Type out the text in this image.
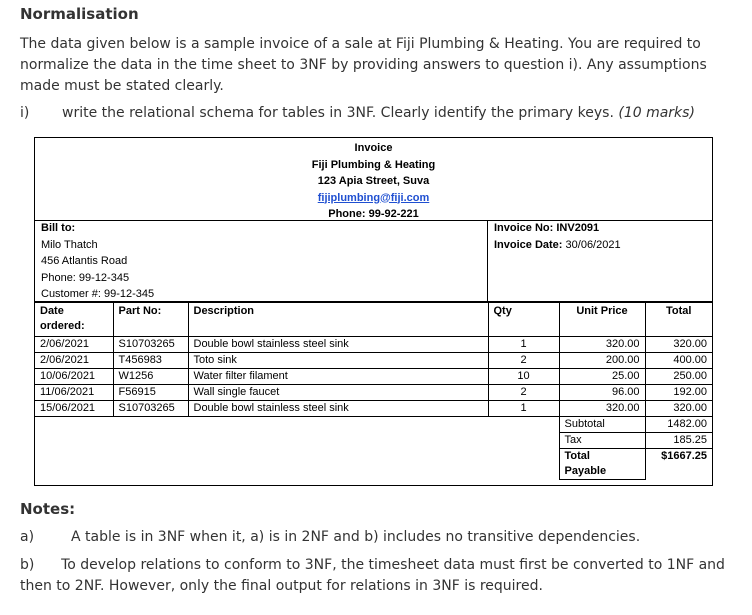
Normalisation
The data given below is a sample invoice of a sale at Fiji Plumbing & Heating. You are required to normalize the data in the time sheet to 3NF by providing answers to question i). Any assumptions made must be stated clearly.
i) write the relational schema for tables in 3NF. Clearly identify the primary keys. (10 marks)
Invoice
Fiji Plumbing & Heating
123 Apia Street, Suva
fijiplumbing@fiji.com
Phone: 99-92-221
Bill to:
Milo Thatch
456 Atlantis Road
Phone: 99-12-345
Customer #: 99-12-345
Invoice No: INV2091
Invoice Date: 30/06/2021
Date ordered:	Part No:	Description	Qty	Unit Price	Total
2/06/2021	S10703265	Double bowl stainless steel sink	1	320.00	320.00
2/06/2021	T456983	Toto sink	2	200.00	400.00
10/06/2021	W1256	Water filter filament	10	25.00	250.00
11/06/2021	F56915	Wall single faucet	2	96.00	192.00
15/06/2021	S10703265	Double bowl stainless steel sink	1	320.00	320.00
				Subtotal	1482.00
				Tax	185.25
				Total
Payable	$1667.25
Notes:
a)	A table is in 3NF when it, a) is in 2NF and b) includes no transitive dependencies.
b) To develop relations to conform to 3NF, the timesheet data must first be converted to 1NF and then to 2NF. However, only the final output for relations in 3NF is required.
